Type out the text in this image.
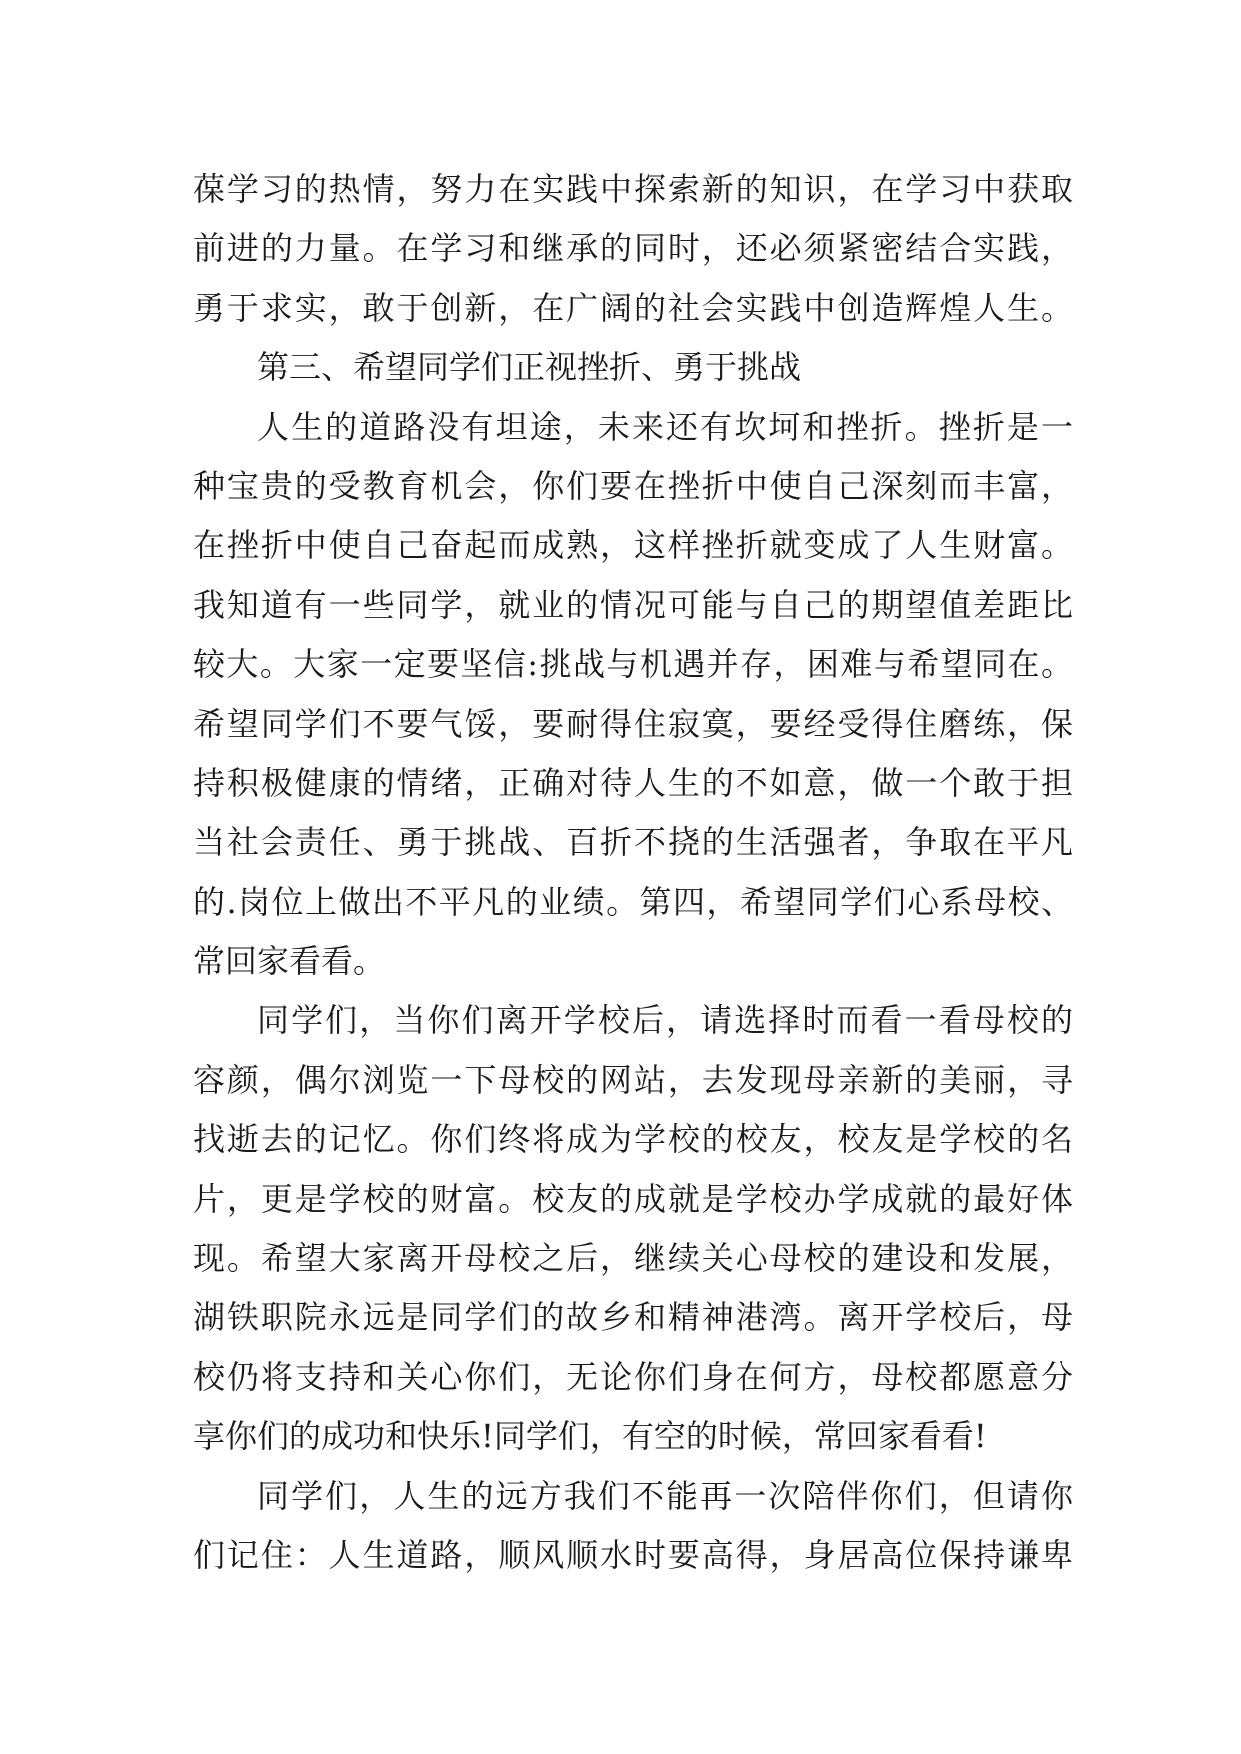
葆学习的热情，努力在实践中探索新的知识，在学习中获取
前进的力量。在学习和继承的同时，还必须紧密结合实践，
勇于求实，敢于创新，在广阔的社会实践中创造辉煌人生。
第三、希望同学们正视挫折、勇于挑战
人生的道路没有坦途，未来还有坎坷和挫折。挫折是一
种宝贵的受教育机会，你们要在挫折中使自己深刻而丰富，
在挫折中使自己奋起而成熟，这样挫折就变成了人生财富。
我知道有一些同学，就业的情况可能与自己的期望值差距比
较大。大家一定要坚信:挑战与机遇并存，困难与希望同在。
希望同学们不要气馁，要耐得住寂寞，要经受得住磨练，保
持积极健康的情绪，正确对待人生的不如意，做一个敢于担
当社会责任、勇于挑战、百折不挠的生活强者，争取在平凡
的.岗位上做出不平凡的业绩。第四，希望同学们心系母校、
常回家看看。
同学们，当你们离开学校后，请选择时而看一看母校的
容颜，偶尔浏览一下母校的网站，去发现母亲新的美丽，寻
找逝去的记忆。你们终将成为学校的校友，校友是学校的名
片，更是学校的财富。校友的成就是学校办学成就的最好体
现。希望大家离开母校之后，继续关心母校的建设和发展，
湖铁职院永远是同学们的故乡和精神港湾。离开学校后，母
校仍将支持和关心你们，无论你们身在何方，母校都愿意分
享你们的成功和快乐!同学们，有空的时候，常回家看看!
同学们，人生的远方我们不能再一次陪伴你们，但请你
们记住：人生道路，顺风顺水时要高得，身居高位保持谦卑
